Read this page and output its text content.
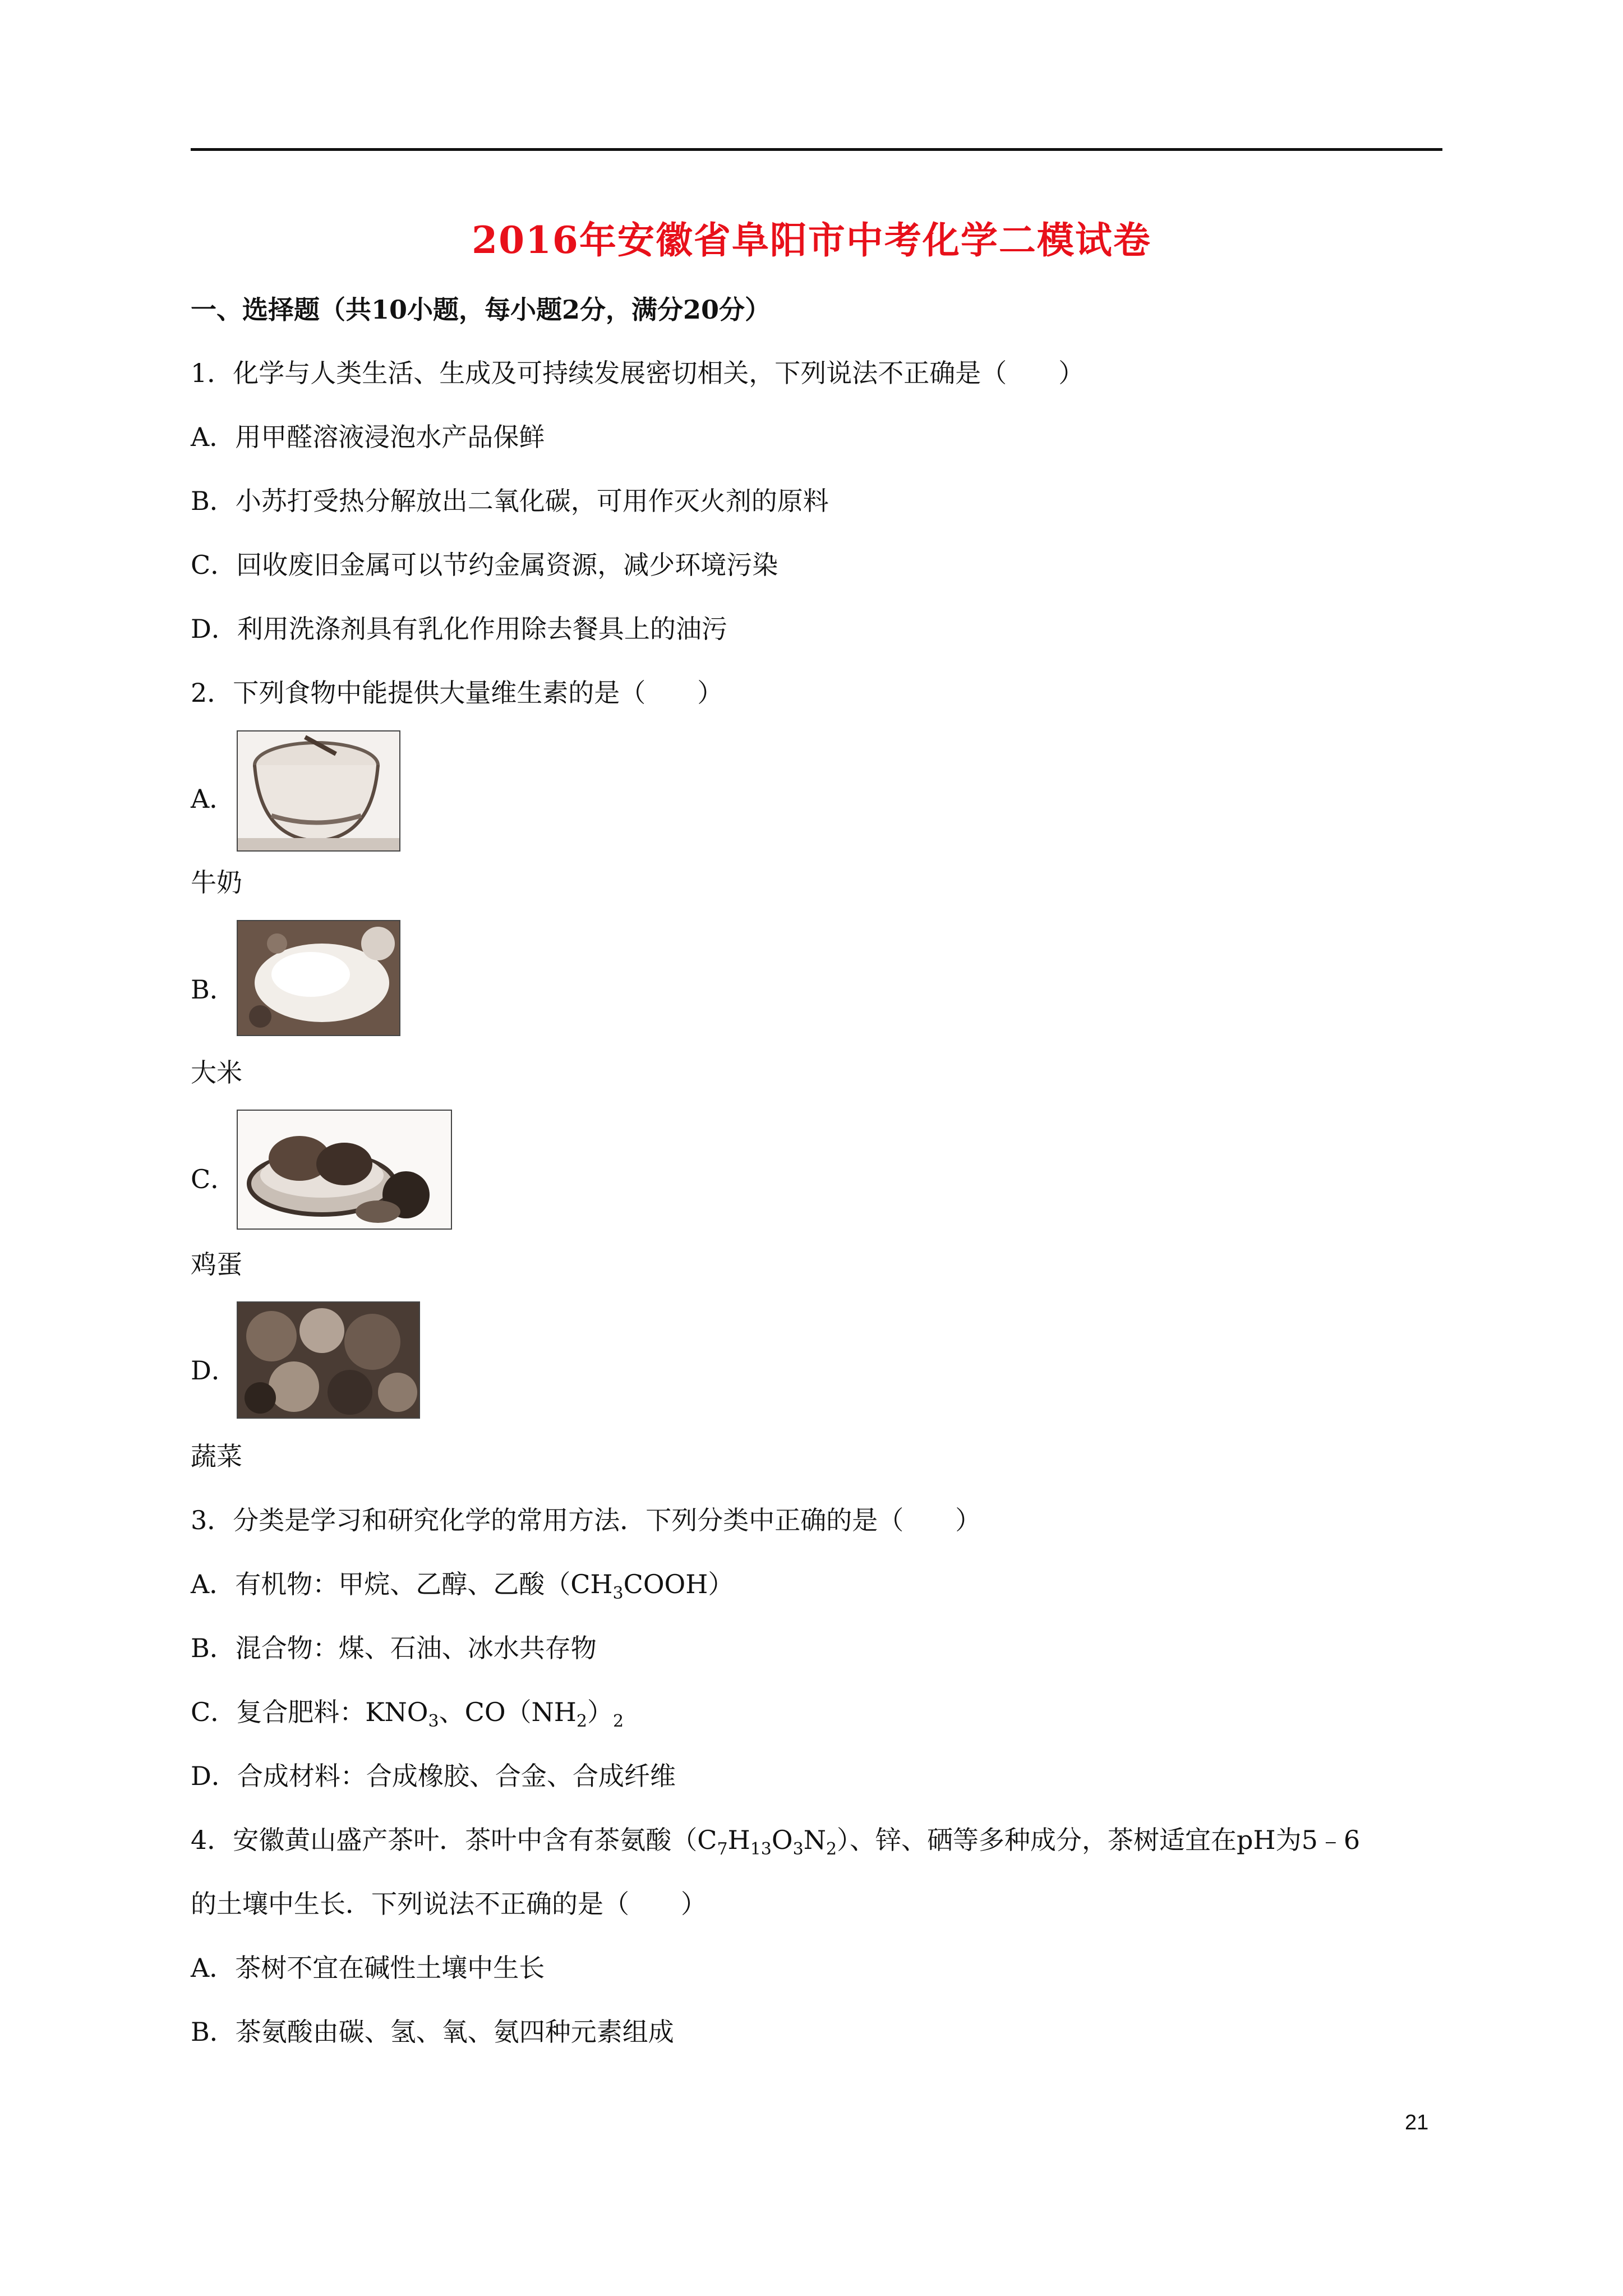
2016年安徽省阜阳市中考化学二模试卷
一、选择题（共10小题，每小题2分，满分20分）
1．化学与人类生活、生成及可持续发展密切相关，下列说法不正确是（　　）
A．用甲醛溶液浸泡水产品保鲜
B．小苏打受热分解放出二氧化碳，可用作灭火剂的原料
C．回收废旧金属可以节约金属资源，减少环境污染
D．利用洗涤剂具有乳化作用除去餐具上的油污
2．下列食物中能提供大量维生素的是（　　）
A．
牛奶
B．
大米
C．
鸡蛋
D．
蔬菜
3．分类是学习和研究化学的常用方法．下列分类中正确的是（　　）
A．有机物：甲烷、乙醇、乙酸$(CH_3COOH)$
B．混合物：煤、石油、冰水共存物
C．复合肥料：$KNO_3$、$CO(NH_2)_2$
D．合成材料：合成橡胶、合金、合成纤维
4．安徽黄山盛产茶叶．茶叶中含有茶氨酸$(C_7H_{13}O_3N_2)$、锌、硒等多种成分，茶树适宜在pH为5﹣6
的土壤中生长．下列说法不正确的是（　　）
A．茶树不宜在碱性土壤中生长
B．茶氨酸由碳、氢、氧、氨四种元素组成
21
